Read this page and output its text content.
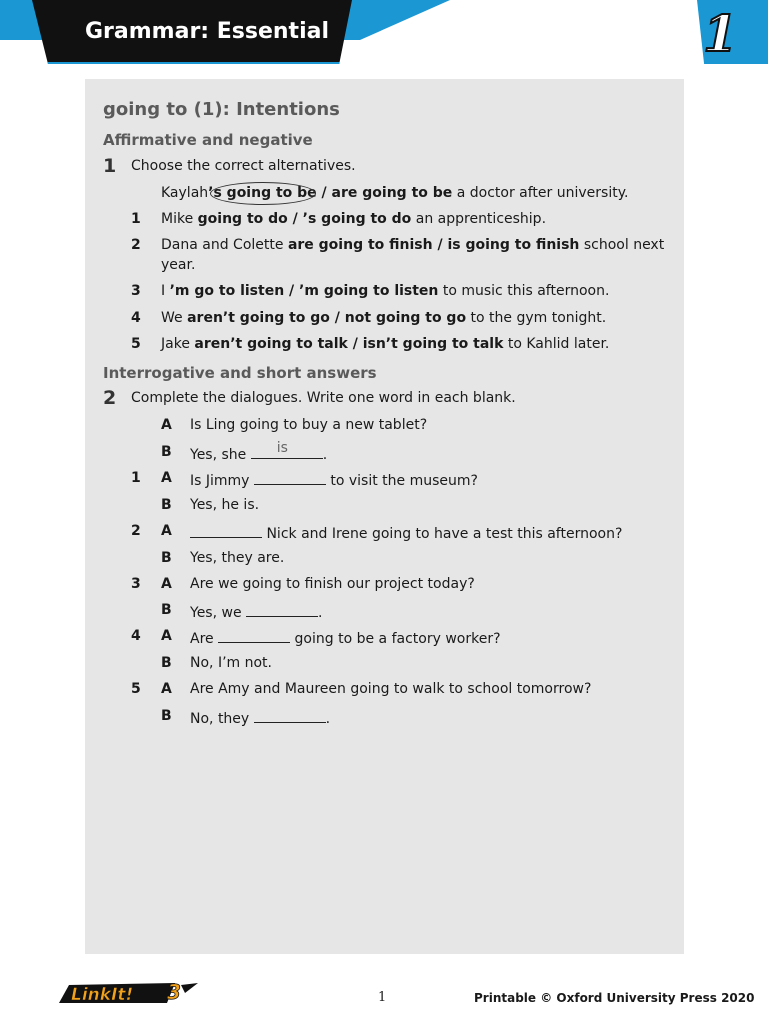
Grammar: Essential	1
going to (1): Intentions
Affirmative and negative
1 Choose the correct alternatives.
Kaylah’s going to be / are going to be a doctor after university.
1 Mike going to do / ’s going to do an apprenticeship.
2 Dana and Colette are going to finish / is going to finish school next
year.
3 I ’m go to listen / ’m going to listen to music this afternoon.
4 We aren’t going to go / not going to go to the gym tonight.
5 Jake aren’t going to talk / isn’t going to talk to Kahlid later.
Interrogative and short answers
2 Complete the dialogues. Write one word in each blank.
A Is Ling going to buy a new tablet?
B Yes, she is .
1 A Is Jimmy	to visit the museum?
B Yes, he is.
2 A	Nick and Irene going to have a test this afternoon?
B Yes, they are.
3 A Are we going to finish our project today?
B Yes, we	.
4 A Are	going to be a factory worker?
B No, I’m not.
5 A Are Amy and Maureen going to walk to school tomorrow?
B No, they	.
LinkIt! 3	1	Printable © Oxford University Press 2020
